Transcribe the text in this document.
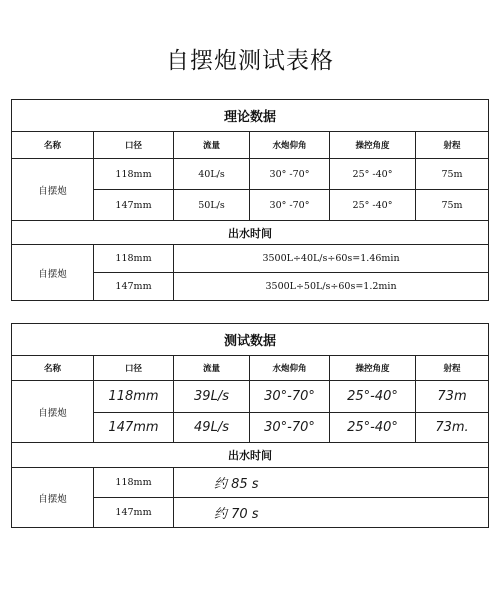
自摆炮测试表格
理论数据					
名称	口径	流量	水炮仰角	操控角度	射程
自摆炮	118mm	40L/s	30° -70°	25° -40°	75m
	147mm	50L/s	30° -70°	25° -40°	75m
出水时间					
自摆炮	118mm	3500L÷40L/s÷60s=1.46min			
	147mm	3500L÷50L/s÷60s=1.2min			
测试数据					
名称	口径	流量	水炮仰角	操控角度	射程
自摆炮	118mm	39L/s	30°-70°	25°-40°	73m
	147mm	49L/s	30°-70°	25°-40°	73m.
出水时间					
自摆炮	118mm	约 85 s			
	147mm	约 70 s			
